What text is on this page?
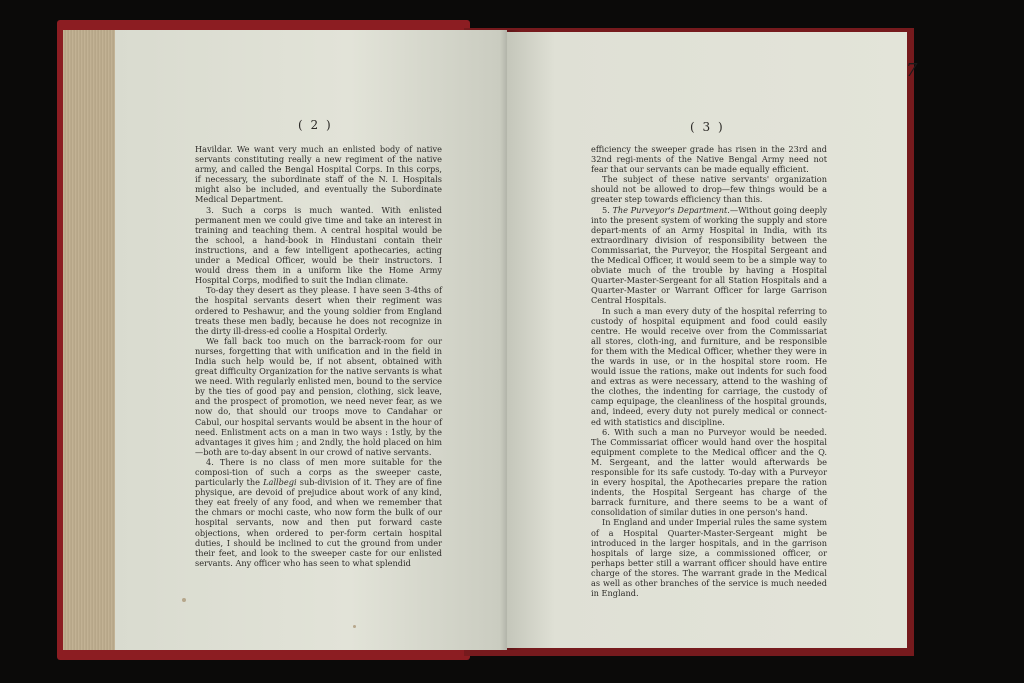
( 2 )

Havildar. We want very much an enlisted body of native servants constituting really a new regiment of the native army, and called the Bengal Hospital Corps. In this corps, if necessary, the subordinate staff of the N. I. Hospitals might also be included, and eventually the Subordinate Medical Department.

3. Such a corps is much wanted. With enlisted permanent men we could give time and take an interest in training and teaching them. A central hospital would be the school, a hand-book in Hindustani contain their instructions, and a few intelligent apothecaries, acting under a Medical Officer, would be their instructors. I would dress them in a uniform like the Home Army Hospital Corps, modified to suit the Indian climate.

To-day they desert as they please. I have seen 3-4ths of the hospital servants desert when their regiment was ordered to Peshawur, and the young soldier from England treats these men badly, because he does not recognize in the dirty ill-dress-ed coolie a Hospital Orderly.

We fall back too much on the barrack-room for our nurses, forgetting that with unification and in the field in India such help would be, if not absent, obtained with great difficulty Organization for the native servants is what we need. With regularly enlisted men, bound to the service by the ties of good pay and pension, clothing, sick leave, and the prospect of promotion, we need never fear, as we now do, that should our troops move to Candahar or Cabul, our hospital servants would be absent in the hour of need. Enlistment acts on a man in two ways : 1stly, by the advantages it gives him ; and 2ndly, the hold placed on him—both are to-day absent in our crowd of native servants.

4. There is no class of men more suitable for the composi-tion of such a corps as the sweeper caste, particularly the Lallbegi sub-division of it. They are of fine physique, are devoid of prejudice about work of any kind, they eat freely of any food, and when we remember that the chmars or mochi caste, who now form the bulk of our hospital servants, now and then put forward caste objections, when ordered to per-form certain hospital duties, I should be inclined to cut the ground from under their feet, and look to the sweeper caste for our enlisted servants. Any officer who has seen to what splendid

( 3 )

efficiency the sweeper grade has risen in the 23rd and 32nd regi-ments of the Native Bengal Army need not fear that our servants can be made equally efficient.

The subject of these native servants' organization should not be allowed to drop—few things would be a greater step towards efficiency than this.

5. The Purveyor's Department.—Without going deeply into the present system of working the supply and store depart-ments of an Army Hospital in India, with its extraordinary division of responsibility between the Commissariat, the Purveyor, the Hospital Sergeant and the Medical Officer, it would seem to be a simple way to obviate much of the trouble by having a Hospital Quarter-Master-Sergeant for all Station Hospitals and a Quarter-Master or Warrant Officer for large Garrison Central Hospitals.

In such a man every duty of the hospital referring to custody of hospital equipment and food could easily centre. He would receive over from the Commissariat all stores, cloth-ing, and furniture, and be responsible for them with the Medical Officer, whether they were in the wards in use, or in the hospital store room. He would issue the rations, make out indents for such food and extras as were necessary, attend to the washing of the clothes, the indenting for carriage, the custody of camp equipage, the cleanliness of the hospital grounds, and, indeed, every duty not purely medical or connect-ed with statistics and discipline.

6. With such a man no Purveyor would be needed. The Commissariat officer would hand over the hospital equipment complete to the Medical officer and the Q. M. Sergeant, and the latter would afterwards be responsible for its safe custody. To-day with a Purveyor in every hospital, the Apothecaries prepare the ration indents, the Hospital Sergeant has charge of the barrack furniture, and there seems to be a want of consolidation of similar duties in one person's hand.

In England and under Imperial rules the same system of a Hospital Quarter-Master-Sergeant might be introduced in the larger hospitals, and in the garrison hospitals of large size, a commissioned officer, or perhaps better still a warrant officer should have entire charge of the stores. The warrant grade in the Medical as well as other branches of the service is much needed in England.

7
